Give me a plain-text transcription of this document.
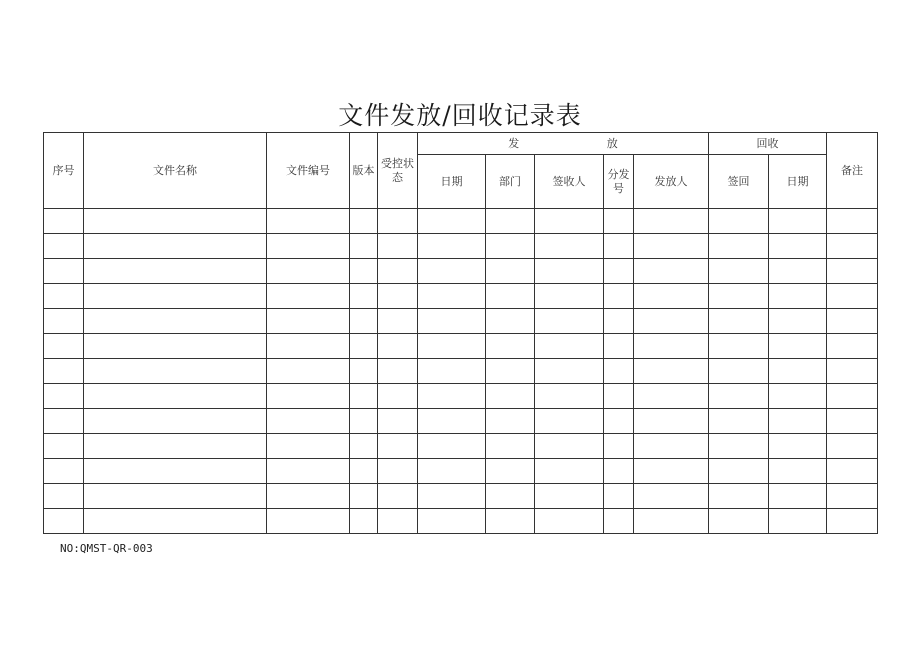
文件发放/回收记录表
序号	文件名称	文件编号	版本	受控状态	发 放					回收		备注
					日期	部门	签收人	分发号	发放人	签回	日期	

NO:QMST-QR-003
